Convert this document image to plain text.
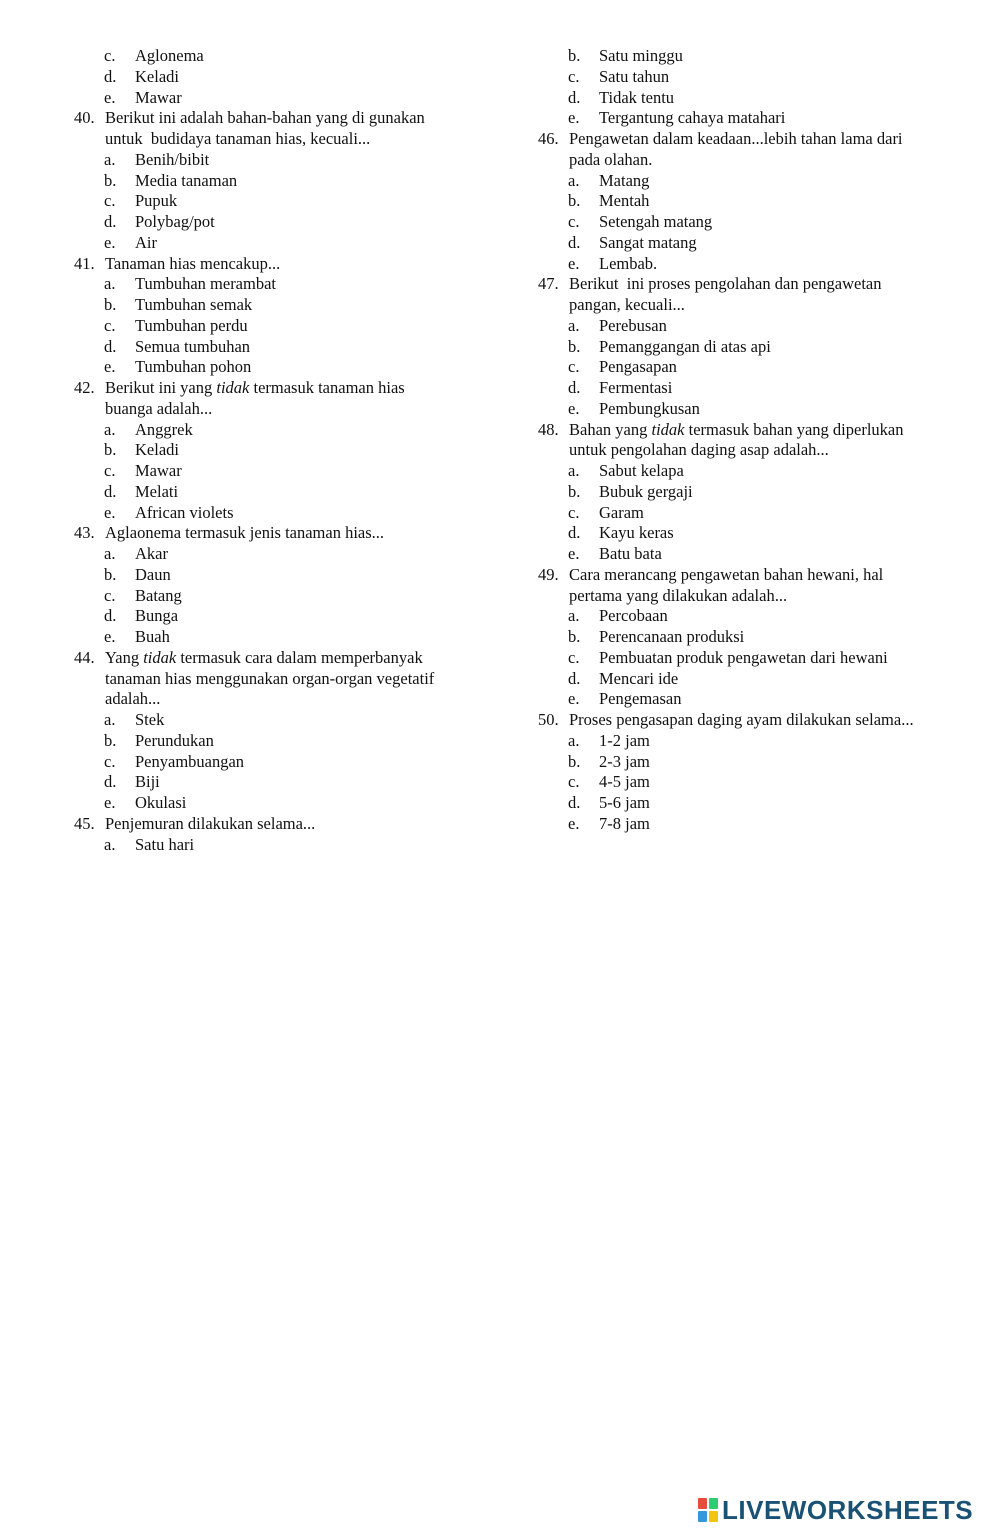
c. Aglonema
d. Keladi
e. Mawar
40. Berikut ini adalah bahan-bahan yang di gunakan
untuk  budidaya tanaman hias, kecuali...
a. Benih/bibit
b. Media tanaman
c. Pupuk
d. Polybag/pot
e. Air
41. Tanaman hias mencakup...
a. Tumbuhan merambat
b. Tumbuhan semak
c. Tumbuhan perdu
d. Semua tumbuhan
e. Tumbuhan pohon
42. Berikut ini yang tidak termasuk tanaman hias
buanga adalah...
a. Anggrek
b. Keladi
c. Mawar
d. Melati
e. African violets
43. Aglaonema termasuk jenis tanaman hias...
a. Akar
b. Daun
c. Batang
d. Bunga
e. Buah
44. Yang tidak termasuk cara dalam memperbanyak
tanaman hias menggunakan organ-organ vegetatif
adalah...
a. Stek
b. Perundukan
c. Penyambuangan
d. Biji
e. Okulasi
45. Penjemuran dilakukan selama...
a. Satu hari
b. Satu minggu
c. Satu tahun
d. Tidak tentu
e. Tergantung cahaya matahari
46. Pengawetan dalam keadaan...lebih tahan lama dari
pada olahan.
a. Matang
b. Mentah
c. Setengah matang
d. Sangat matang
e. Lembab.
47. Berikut  ini proses pengolahan dan pengawetan
pangan, kecuali...
a. Perebusan
b. Pemanggangan di atas api
c. Pengasapan
d. Fermentasi
e. Pembungkusan
48. Bahan yang tidak termasuk bahan yang diperlukan
untuk pengolahan daging asap adalah...
a. Sabut kelapa
b. Bubuk gergaji
c. Garam
d. Kayu keras
e. Batu bata
49. Cara merancang pengawetan bahan hewani, hal
pertama yang dilakukan adalah...
a. Percobaan
b. Perencanaan produksi
c. Pembuatan produk pengawetan dari hewani
d. Mencari ide
e. Pengemasan
50. Proses pengasapan daging ayam dilakukan selama...
a. 1-2 jam
b. 2-3 jam
c. 4-5 jam
d. 5-6 jam
e. 7-8 jam
LIVEWORKSHEETS
